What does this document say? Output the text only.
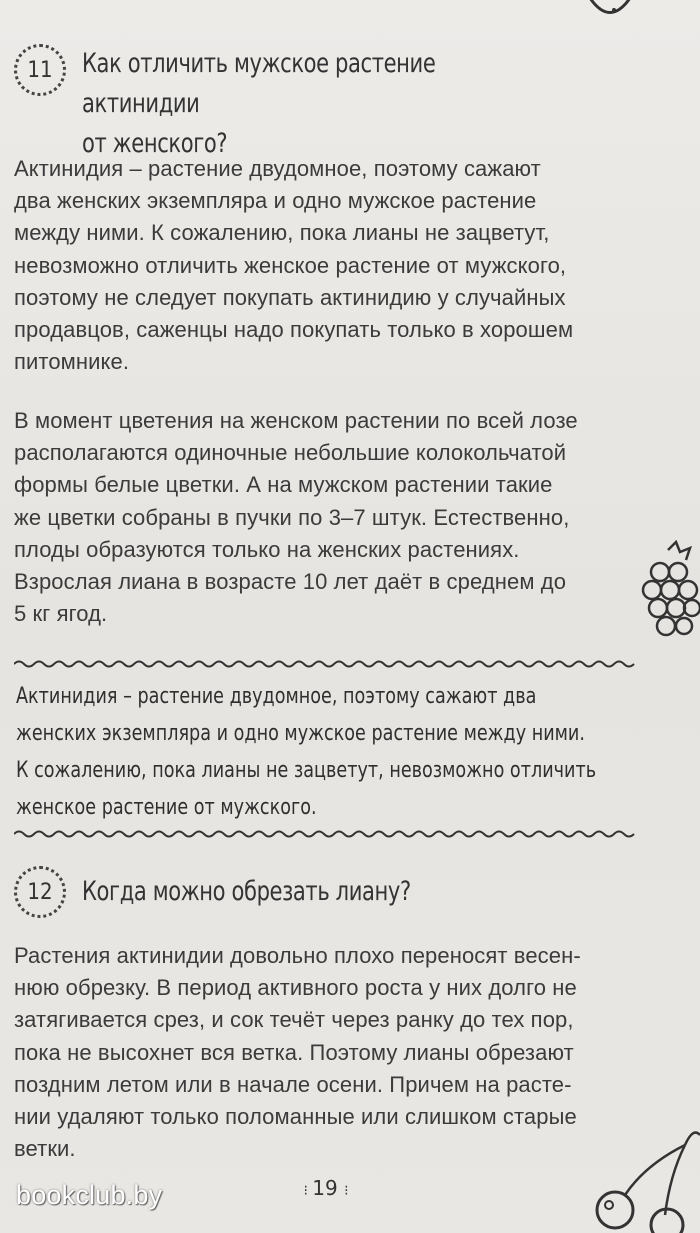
11	Как отличить мужское растение актинидии
от женского?
Актинидия – растение двудомное, поэтому сажают
два женских экземпляра и одно мужское растение
между ними. К сожалению, пока лианы не зацветут,
невозможно отличить женское растение от мужского,
поэтому не следует покупать актинидию у случайных
продавцов, саженцы надо покупать только в хорошем
питомнике.
В момент цветения на женском растении по всей лозе
располагаются одиночные небольшие колокольчатой
формы белые цветки. А на мужском растении такие
же цветки собраны в пучки по 3–7 штук. Естественно,
плоды образуются только на женских растениях.
Взрослая лиана в возрасте 10 лет даёт в среднем до
5 кг ягод.
Актинидия – растение двудомное, поэтому сажают два
женских экземпляра и одно мужское растение между ними.
К сожалению, пока лианы не зацветут, невозможно отличить
женское растение от мужского.
12	Когда можно обрезать лиану?
Растения актинидии довольно плохо переносят весен-
нюю обрезку. В период активного роста у них долго не
затягивается срез, и сок течёт через ранку до тех пор,
пока не высохнет вся ветка. Поэтому лианы обрезают
поздним летом или в начале осени. Причем на расте-
нии удаляют только поломанные или слишком старые
ветки.
⁝ 19 ⁝
bookclub.by
